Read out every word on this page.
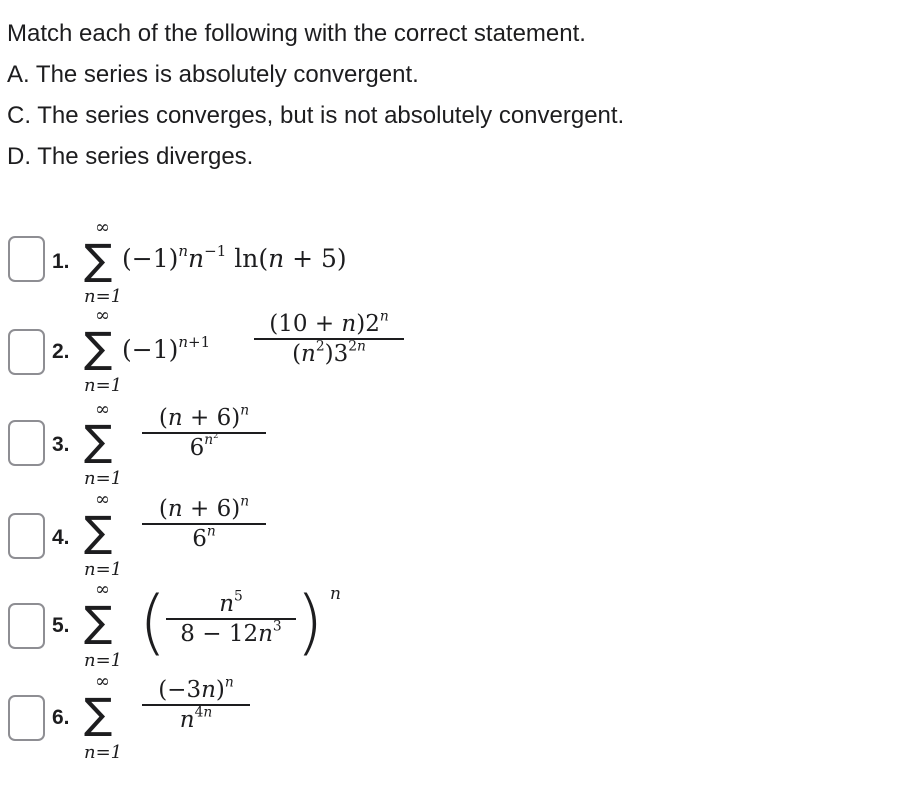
Match each of the following with the correct statement.
A. The series is absolutely convergent.
C. The series converges, but is not absolutely convergent.
D. The series diverges.
1.
∞
∑
n=1
$(-1)^nn^{-1}$ ln(n + 5)
2.
∞
∑
n=1
$(-1)^{n+1}$
$(10 + n)2^n$
$(n^2)3^{2n}$
3.
∞
∑
n=1
$(n + 6)^n$
$6^{n^2}$
4.
∞
∑
n=1
$(n + 6)^n$
6$^n$
5.
∞
∑
n=1 (	$n^5$
$8 - 12n^3$ ) n
6.
∞
∑
n=1
$(-3n)^n$
$n^{4n}$
